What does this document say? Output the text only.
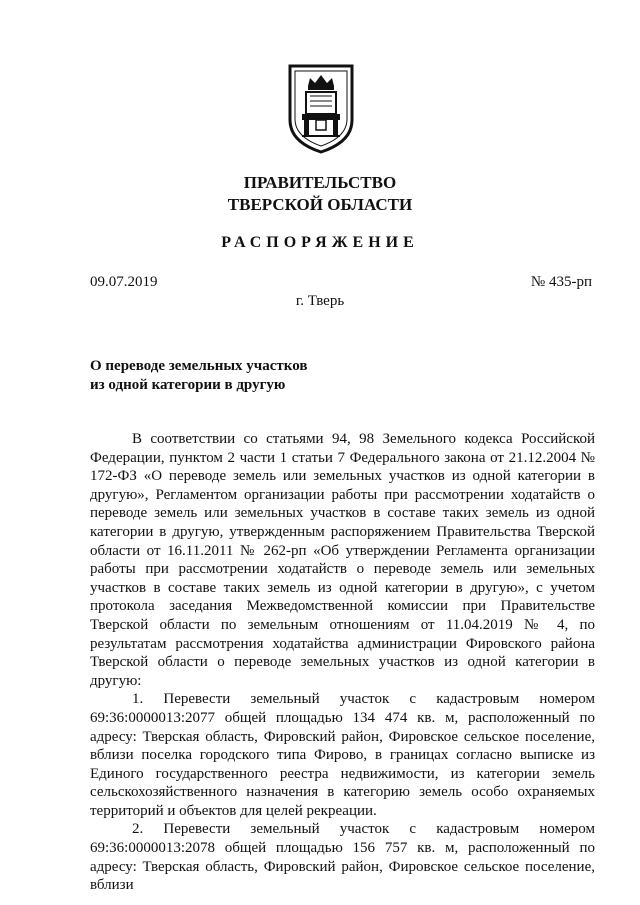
ПРАВИТЕЛЬСТВО
ТВЕРСКОЙ ОБЛАСТИ
РАСПОРЯЖЕНИЕ
09.07.2019	№ 435-рп
г. Тверь
О переводе земельных участков
из одной категории в другую

В соответствии со статьями 94, 98 Земельного кодекса Российской Федерации, пунктом 2 части 1 статьи 7 Федерального закона от 21.12.2004 № 172-ФЗ «О переводе земель или земельных участков из одной категории в другую», Регламентом организации работы при рассмотрении ходатайств о переводе земель или земельных участков в составе таких земель из одной категории в другую, утвержденным распоряжением Правительства Тверской области от 16.11.2011 № 262-рп «Об утверждении Регламента организации работы при рассмотрении ходатайств о переводе земель или земельных участков в составе таких земель из одной категории в другую», с учетом протокола заседания Межведомственной комиссии при Правительстве Тверской области по земельным отношениям от 11.04.2019 № 4, по результатам рассмотрения ходатайства администрации Фировского района Тверской области о переводе земельных участков из одной категории в другую:

1. Перевести земельный участок с кадастровым номером 69:36:0000013:2077 общей площадью 134 474 кв. м, расположенный по адресу: Тверская область, Фировский район, Фировское сельское поселение, вблизи поселка городского типа Фирово, в границах согласно выписке из Единого государственного реестра недвижимости, из категории земель сельскохозяйственного назначения в категорию земель особо охраняемых территорий и объектов для целей рекреации.

2. Перевести земельный участок с кадастровым номером 69:36:0000013:2078 общей площадью 156 757 кв. м, расположенный по адресу: Тверская область, Фировский район, Фировское сельское поселение, вблизи
